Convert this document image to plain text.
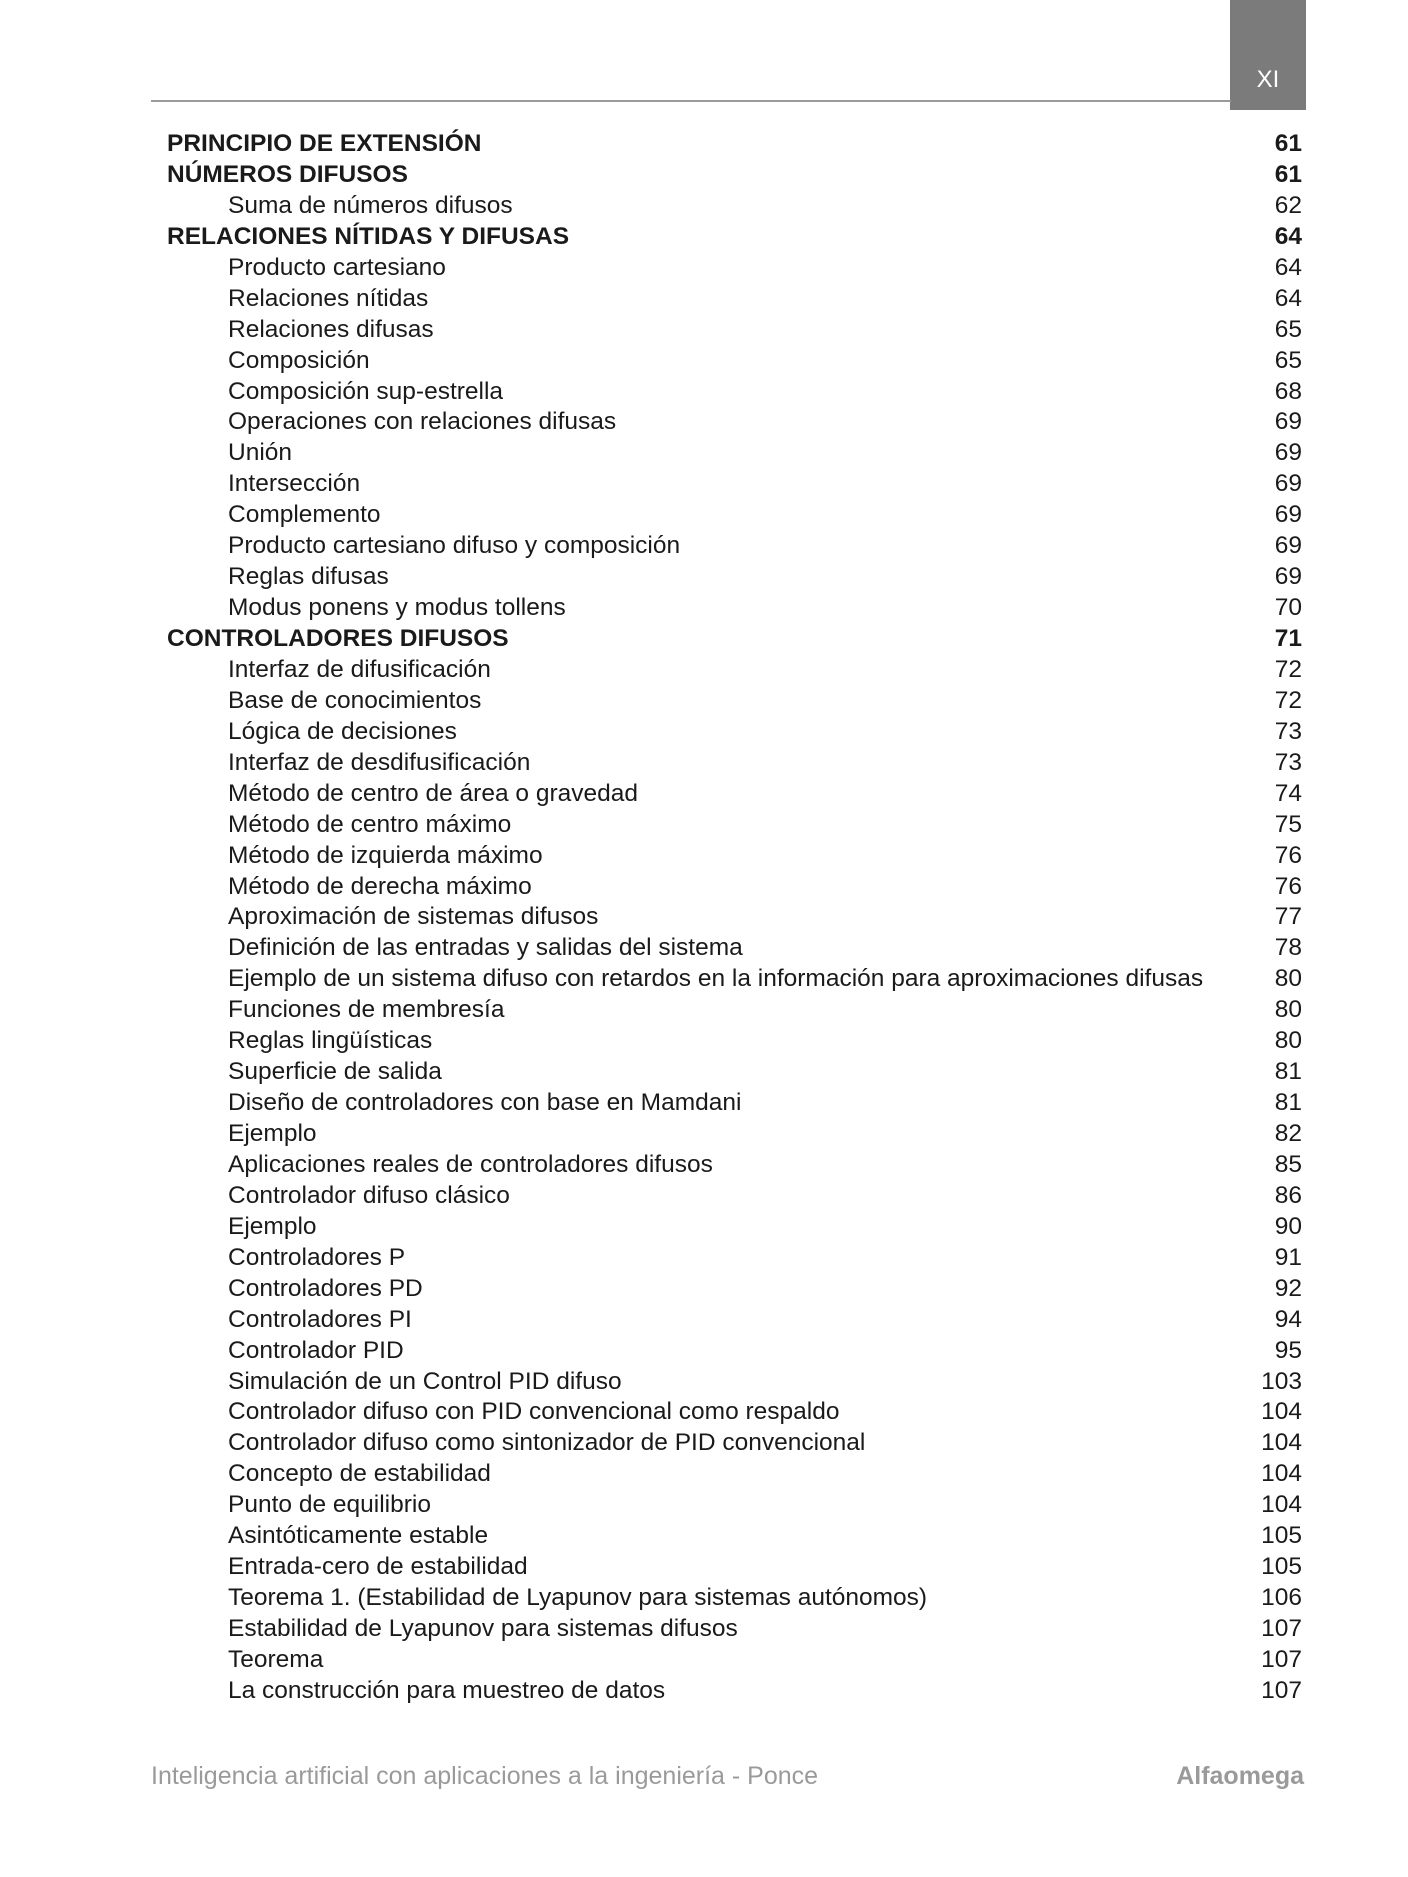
XI
PRINCIPIO DE EXTENSIÓN	61
NÚMEROS DIFUSOS	61
Suma de números difusos	62
RELACIONES NÍTIDAS Y DIFUSAS	64
Producto cartesiano	64
Relaciones nítidas	64
Relaciones difusas	65
Composición	65
Composición sup-estrella	68
Operaciones con relaciones difusas	69
Unión	69
Intersección	69
Complemento	69
Producto cartesiano difuso y composición	69
Reglas difusas	69
Modus ponens y modus tollens	70
CONTROLADORES DIFUSOS	71
Interfaz de difusificación	72
Base de conocimientos	72
Lógica de decisiones	73
Interfaz de desdifusificación	73
Método de centro de área o gravedad	74
Método de centro máximo	75
Método de izquierda máximo	76
Método de derecha máximo	76
Aproximación de sistemas difusos	77
Definición de las entradas y salidas del sistema	78
Ejemplo de un sistema difuso con retardos en la información para aproximaciones difusas	80
Funciones de membresía	80
Reglas lingüísticas	80
Superficie de salida	81
Diseño de controladores con base en Mamdani	81
Ejemplo	82
Aplicaciones reales de controladores difusos	85
Controlador difuso clásico	86
Ejemplo	90
Controladores P	91
Controladores PD	92
Controladores PI	94
Controlador PID	95
Simulación de un Control PID difuso	103
Controlador difuso con PID convencional como respaldo	104
Controlador difuso como sintonizador de PID convencional	104
Concepto de estabilidad	104
Punto de equilibrio	104
Asintóticamente estable	105
Entrada-cero de estabilidad	105
Teorema 1. (Estabilidad de Lyapunov para sistemas autónomos)	106
Estabilidad de Lyapunov para sistemas difusos	107
Teorema	107
La construcción para muestreo de datos	107
Inteligencia artificial con aplicaciones a la ingeniería - Ponce	Alfaomega
